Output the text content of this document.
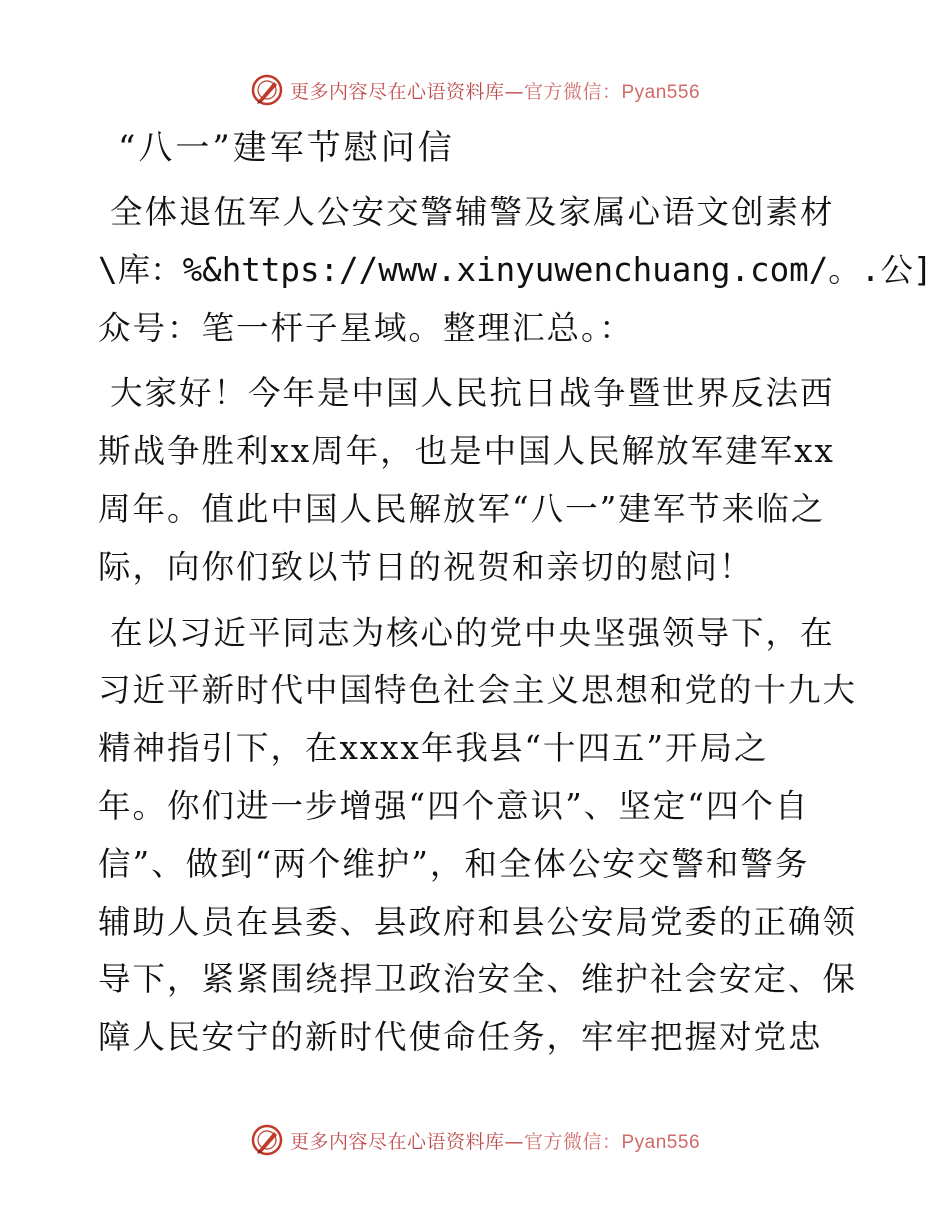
更多内容尽在心语资料库—官方微信：Pyan556
“八一”建军节慰问信
全体退伍军人公安交警辅警及家属心语文创素材
\库：%&https://www.xinyuwenchuang.com/。.公]
众号：笔一杆子星域。整理汇总。：
大家好！今年是中国人民抗日战争暨世界反法西
斯战争胜利xx周年，也是中国人民解放军建军xx
周年。值此中国人民解放军“八一”建军节来临之
际，向你们致以节日的祝贺和亲切的慰问！
在以习近平同志为核心的党中央坚强领导下，在
习近平新时代中国特色社会主义思想和党的十九大
精神指引下，在xxxx年我县“十四五”开局之
年。你们进一步增强“四个意识”、坚定“四个自
信”、做到“两个维护”，和全体公安交警和警务
辅助人员在县委、县政府和县公安局党委的正确领
导下，紧紧围绕捍卫政治安全、维护社会安定、保
障人民安宁的新时代使命任务，牢牢把握对党忠
更多内容尽在心语资料库—官方微信：Pyan556
